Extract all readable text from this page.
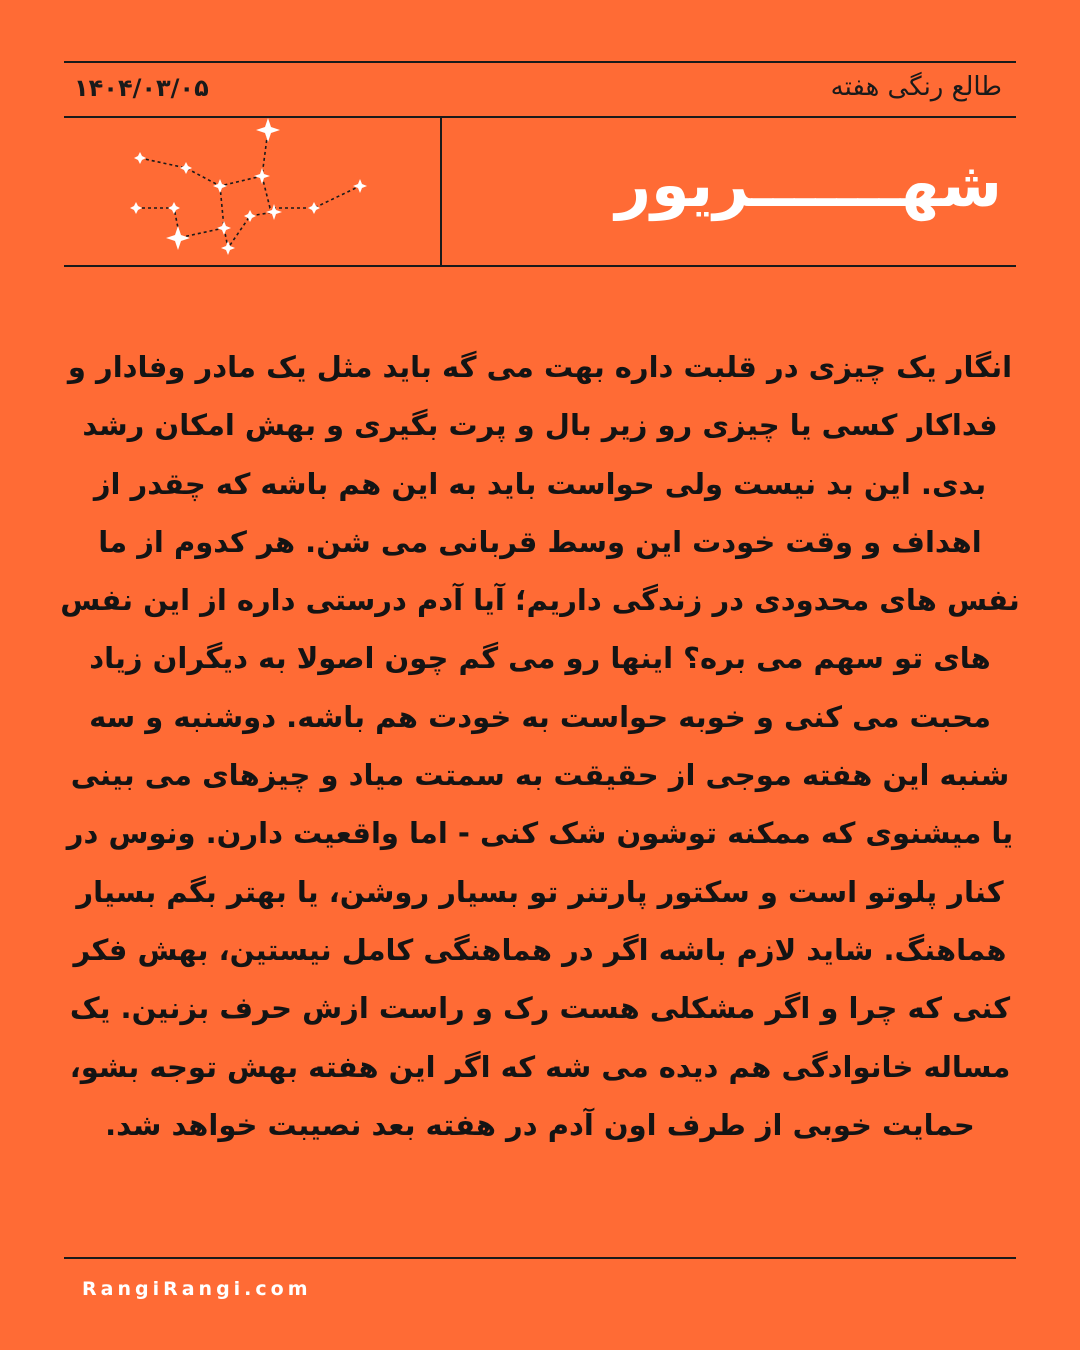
طالع رنگی هفته
۱۴۰۴/۰۳/۰۵
شهـــــــریور

انگار یک چیزی در قلبت داره بهت می گه باید مثل یک مادر وفادار و فداکار کسی یا چیزی رو زیر بال و پرت بگیری و بهش امکان رشد بدی. این بد نیست ولی حواست باید به این هم باشه که چقدر از اهداف و وقت خودت این وسط قربانی می شن. هر کدوم از ما نفس های محدودی در زندگی داریم؛ آیا آدم درستی داره از این نفس های تو سهم می بره؟ اینها رو می گم چون اصولا به دیگران زیاد محبت می کنی و خوبه حواست به خودت هم باشه. دوشنبه و سه شنبه این هفته موجی از حقیقت به سمتت میاد و چیزهای می بینی یا میشنوی که ممکنه توشون شک کنی - اما واقعیت دارن. ونوس در کنار پلوتو است و سکتور پارتنر تو بسیار روشن، یا بهتر بگم بسیار هماهنگ. شاید لازم باشه اگر در هماهنگی کامل نیستین، بهش فکر کنی که چرا و اگر مشکلی هست رک و راست ازش حرف بزنین. یک مساله خانوادگی هم دیده می شه که اگر این هفته بهش توجه بشو، حمایت خوبی از طرف اون آدم در هفته بعد نصیبت خواهد شد.

RangiRangi.com
